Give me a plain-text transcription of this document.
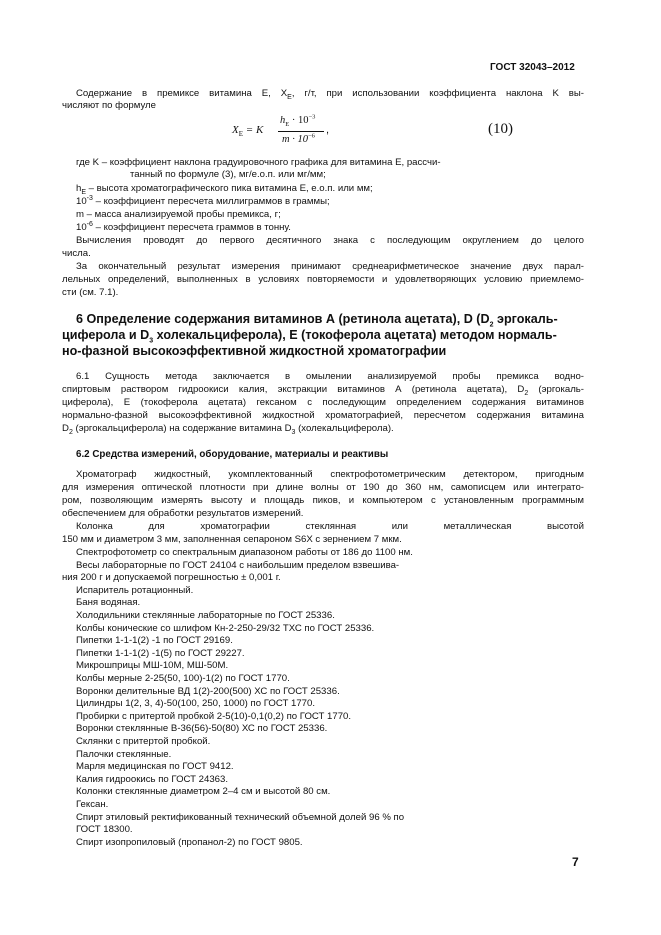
ГОСТ 32043–2012
Содержание в премиксе витамина E, $X_E$, г/т, при использовании коэффициента наклона K вы-
числяют по формуле
$X_E = K$
$h_E \cdot 10^{-3}$
$m \cdot 10^{-6}$ ,	(10)
где K – коэффициент наклона градуировочного графика для витамина E, рассчи-
танный по формуле (3), мг/е.о.п. или мг/мм;
$h_E$ – высота хроматографического пика витамина E, е.о.п. или мм;
$10^{-3}$ – коэффициент пересчета миллиграммов в граммы;
m – масса анализируемой пробы премикса, г;
$10^{-6}$ – коэффициент пересчета граммов в тонну.
Вычисления проводят до первого десятичного знака с последующим округлением до целого
числа.
За окончательный результат измерения принимают среднеарифметическое значение двух парал-
лельных определений, выполненных в условиях повторяемости и удовлетворяющих условию приемлемо-
сти (см. 7.1).
6 Определение содержания витаминов А (ретинола ацетата), D ($D_2$ эргокаль-
циферола и $D_3$ холекальциферола), E (токоферола ацетата) методом нормаль-
но-фазной высокоэффективной жидкостной хроматографии
6.1 Сущность метода заключается в омылении анализируемой пробы премикса водно-
спиртовым раствором гидроокиси калия, экстракции витаминов А (ретинола ацетата), $D_2$ (эргокаль-
циферола), E (токоферола ацетата) гексаном с последующим определением содержания витаминов
нормально-фазной высокоэффективной жидкостной хроматографией, пересчетом содержания витамина
$D_2$ (эргокальциферола) на содержание витамина $D_3$ (холекальциферола).
6.2 Средства измерений, оборудование, материалы и реактивы
Хроматограф жидкостный, укомплектованный спектрофотометрическим детектором, пригодным
для измерения оптической плотности при длине волны от 190 до 360 нм, самописцем или интеграто-
ром, позволяющим измерять высоту и площадь пиков, и компьютером с установленным программным
обеспечением для обработки результатов измерений.
Колонка для хроматографии стеклянная или металлическая высотой
150 мм и диаметром 3 мм, заполненная сепароном S6X с зернением 7 мкм.
Спектрофотометр со спектральным диапазоном работы от 186 до 1100 нм.
Весы лабораторные по ГОСТ 24104 с наибольшим пределом взвешива-
ния 200 г и допускаемой погрешностью ± 0,001 г.
Испаритель ротационный.
Баня водяная.
Холодильники стеклянные лабораторные по ГОСТ 25336.
Колбы конические со шлифом Кн-2-250-29/32 ТХС по ГОСТ 25336.
Пипетки 1-1-1(2) -1 по ГОСТ 29169.
Пипетки 1-1-1(2) -1(5) по ГОСТ 29227.
Микрошприцы МШ-10М, МШ-50М.
Колбы мерные 2-25(50, 100)-1(2) по ГОСТ 1770.
Воронки делительные ВД 1(2)-200(500) ХС по ГОСТ 25336.
Цилиндры 1(2, 3, 4)-50(100, 250, 1000) по ГОСТ 1770.
Пробирки с притертой пробкой 2-5(10)-0,1(0,2) по ГОСТ 1770.
Воронки стеклянные В-36(56)-50(80) ХС по ГОСТ 25336.
Склянки с притертой пробкой.
Палочки стеклянные.
Марля медицинская по ГОСТ 9412.
Калия гидроокись по ГОСТ 24363.
Колонки стеклянные диаметром 2–4 см и высотой 80 см.
Гексан.
Спирт этиловый ректификованный технический объемной долей 96 % по
ГОСТ 18300.
Спирт изопропиловый (пропанол-2) по ГОСТ 9805.
7
